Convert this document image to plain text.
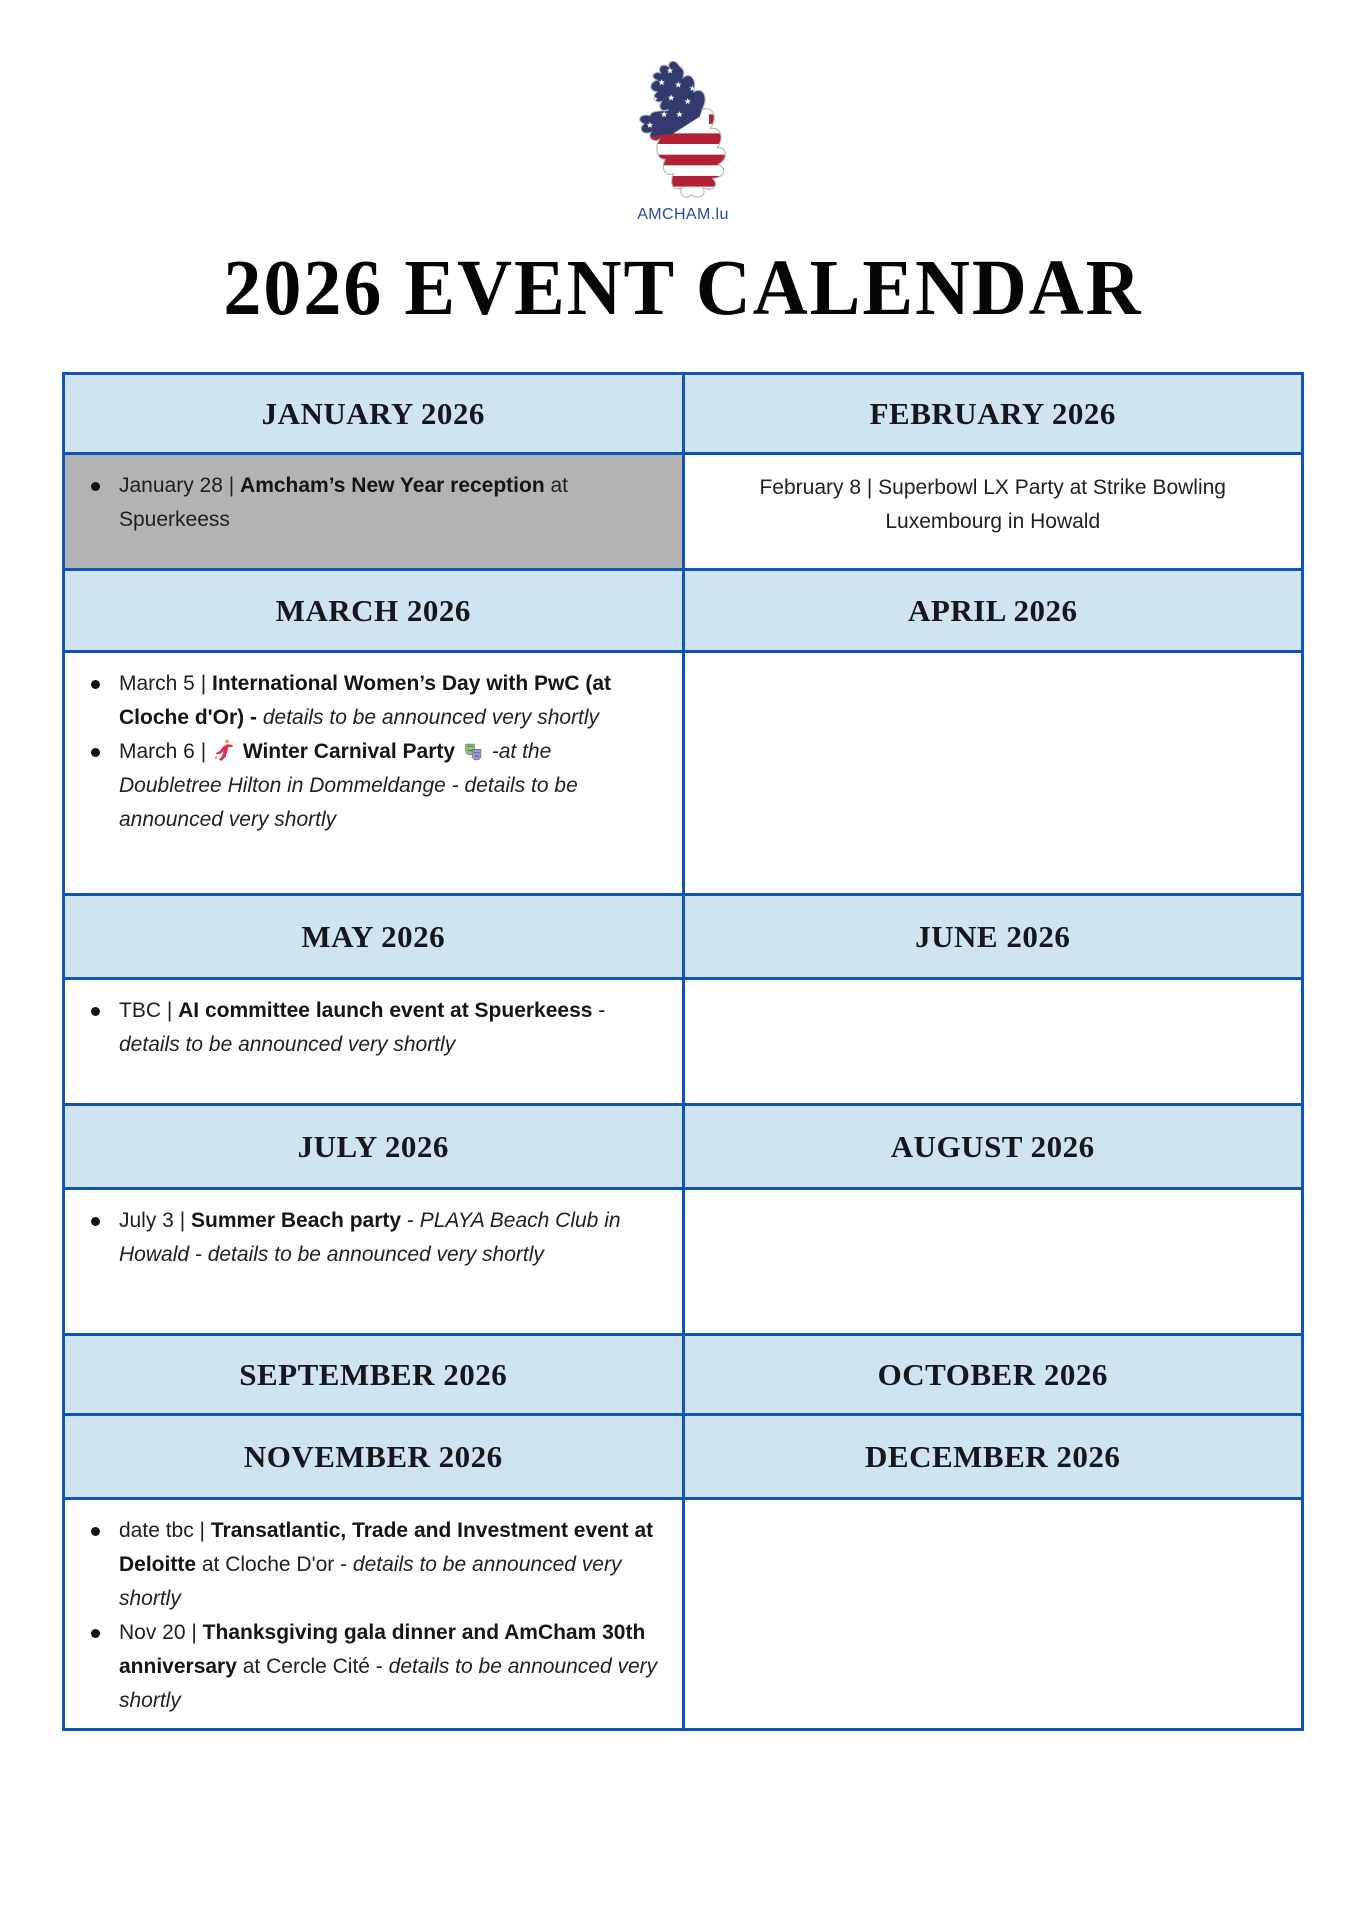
AMCHAM.lu
2026 EVENT CALENDAR
JANUARY 2026	FEBRUARY 2026

January 28 | Amcham’s New Year reception at Spuerkeess	February 8 | Superbowl LX Party at Strike Bowling Luxembourg in Howald

MARCH 2026	APRIL 2026

March 5 | International Women’s Day with PwC (at Cloche d'Or) - details to be announced very shortly
March 6 |  Winter Carnival Party  -at the Doubletree Hilton in Dommeldange - details to be announced very shortly	

MAY 2026	JUNE 2026

TBC | AI committee launch event at Spuerkeess - details to be announced very shortly	

JULY 2026	AUGUST 2026

July 3 | Summer Beach party - PLAYA Beach Club in Howald - details to be announced very shortly	

SEPTEMBER 2026	OCTOBER 2026
NOVEMBER 2026	DECEMBER 2026

date tbc | Transatlantic, Trade and Investment event at Deloitte at Cloche D'or - details to be announced very shortly
Nov 20 | Thanksgiving gala dinner and AmCham 30th anniversary at Cercle Cité - details to be announced very shortly	
